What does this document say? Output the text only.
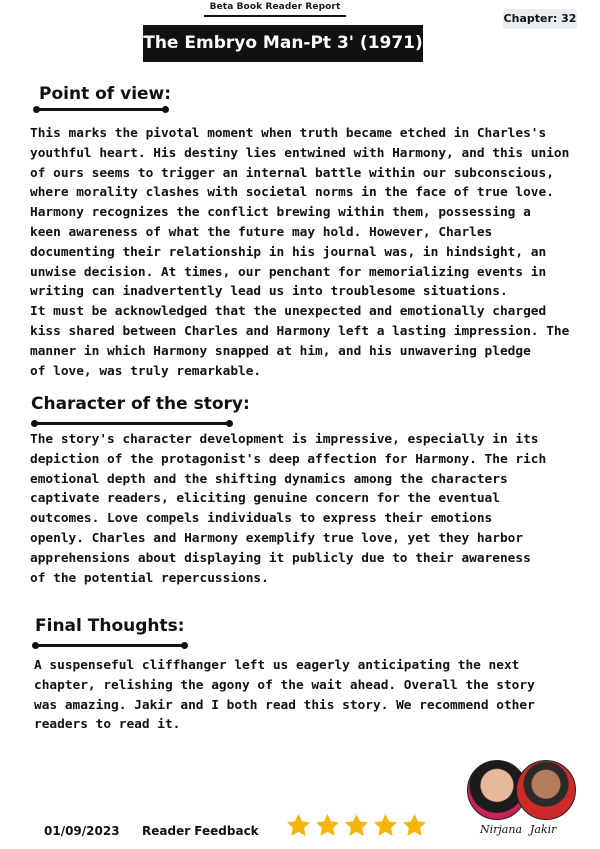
Beta Book Reader Report
Chapter: 32
The Embryo Man-Pt 3' (1971)
Point of view:
This marks the pivotal moment when truth became etched in Charles's
youthful heart. His destiny lies entwined with Harmony, and this union
of ours seems to trigger an internal battle within our subconscious,
where morality clashes with societal norms in the face of true love.
Harmony recognizes the conflict brewing within them, possessing a
keen awareness of what the future may hold. However, Charles
documenting their relationship in his journal was, in hindsight, an
unwise decision. At times, our penchant for memorializing events in
writing can inadvertently lead us into troublesome situations.
It must be acknowledged that the unexpected and emotionally charged
kiss shared between Charles and Harmony left a lasting impression. The
manner in which Harmony snapped at him, and his unwavering pledge
of love, was truly remarkable.
Character of the story:
The story's character development is impressive, especially in its
depiction of the protagonist's deep affection for Harmony. The rich
emotional depth and the shifting dynamics among the characters
captivate readers, eliciting genuine concern for the eventual
outcomes. Love compels individuals to express their emotions
openly. Charles and Harmony exemplify true love, yet they harbor
apprehensions about displaying it publicly due to their awareness
of the potential repercussions.
Final Thoughts:
A suspenseful cliffhanger left us eagerly anticipating the next
chapter, relishing the agony of the wait ahead. Overall the story
was amazing. Jakir and I both read this story. We recommend other
readers to read it.
Nirjana Jakir
01/09/2023 Reader Feedback
